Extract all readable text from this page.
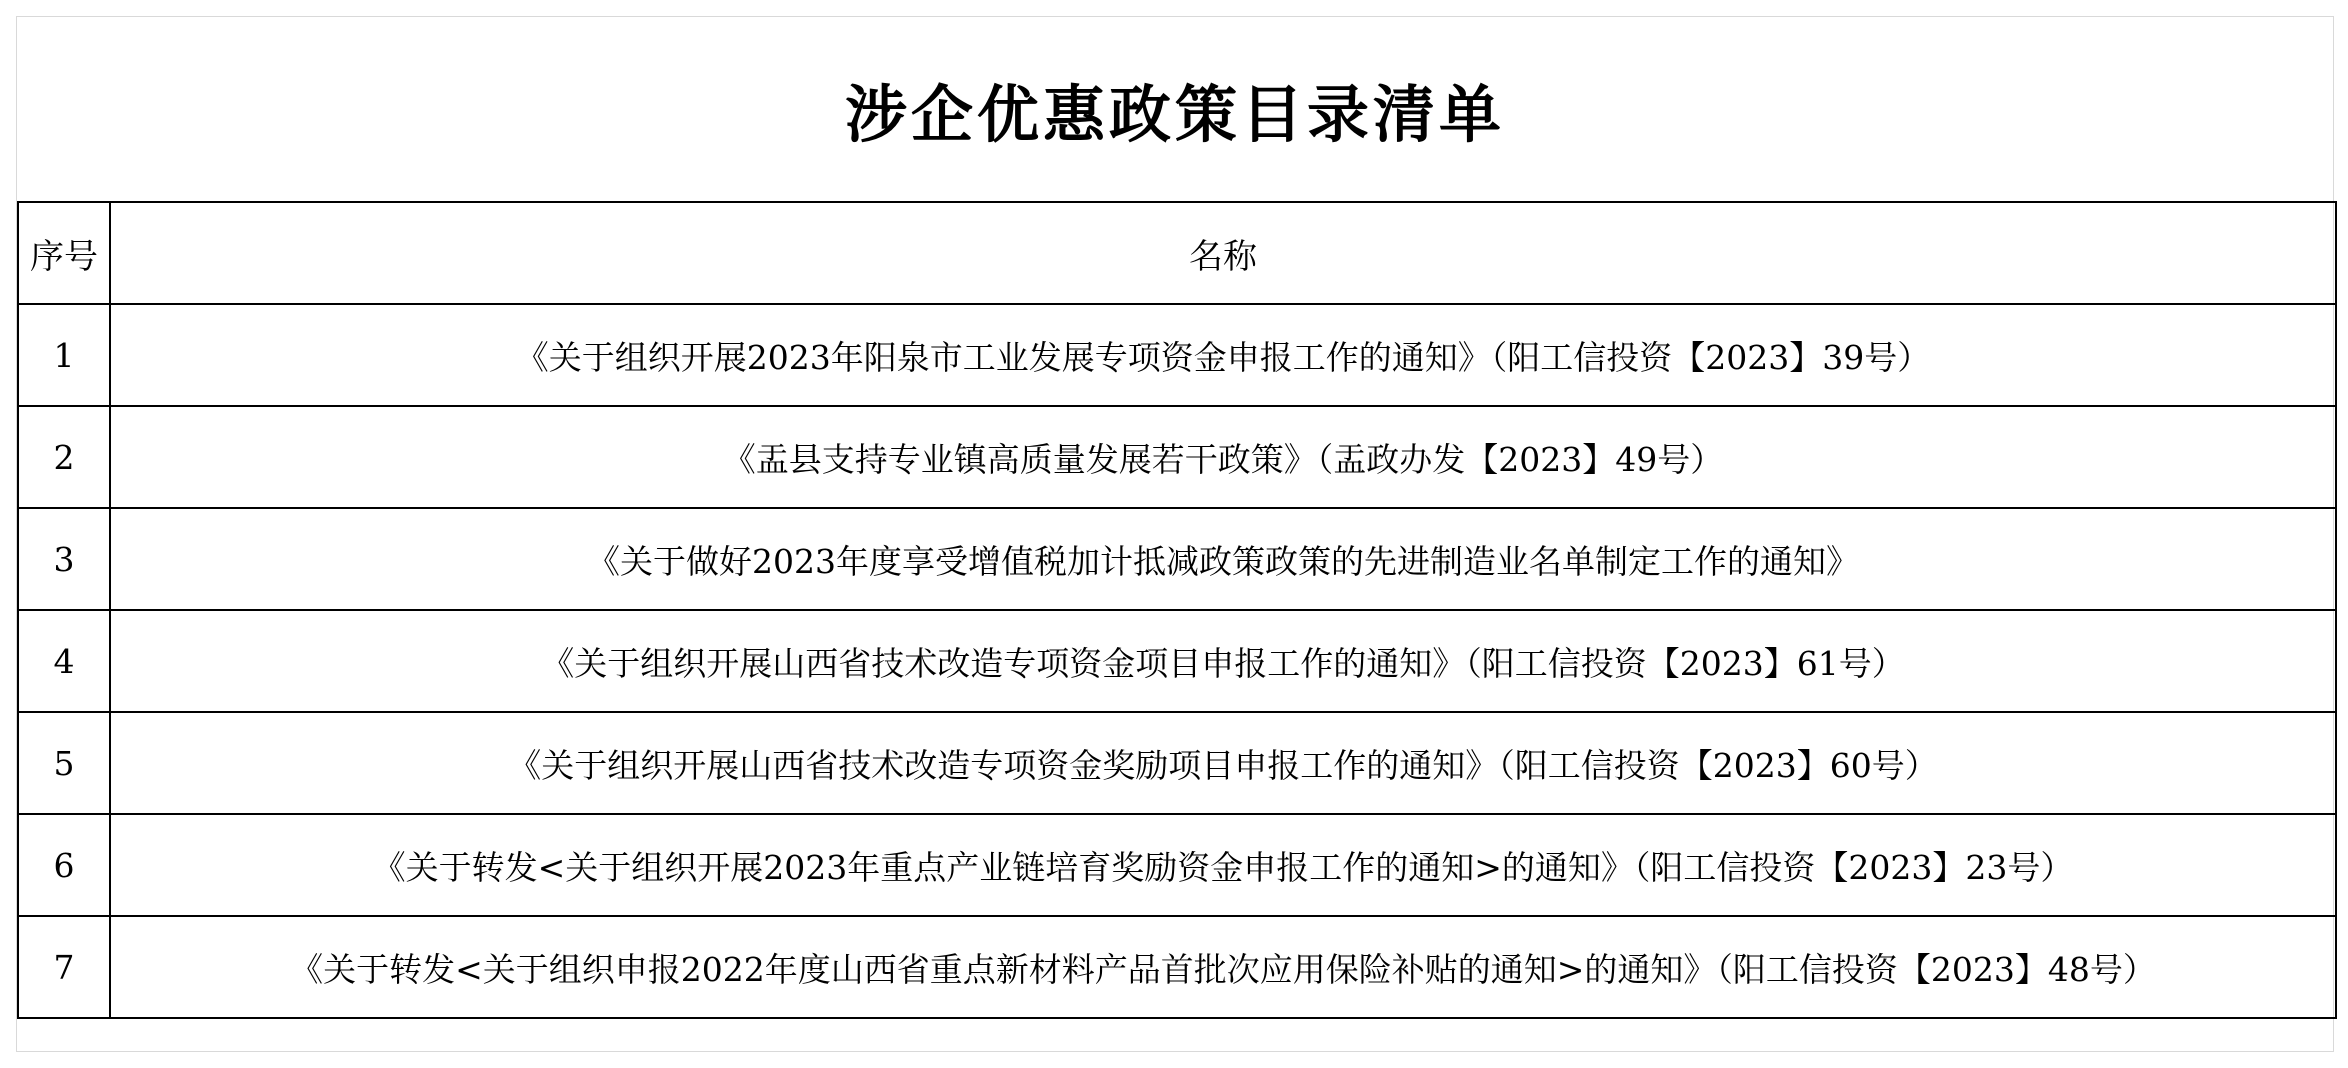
涉企优惠政策目录清单
序号	名称
1	《关于组织开展2023年阳泉市工业发展专项资金申报工作的通知》（阳工信投资【2023】39号）
2	《盂县支持专业镇高质量发展若干政策》（盂政办发【2023】49号）
3	《关于做好2023年度享受增值税加计抵减政策政策的先进制造业名单制定工作的通知》
4	《关于组织开展山西省技术改造专项资金项目申报工作的通知》（阳工信投资【2023】61号）
5	《关于组织开展山西省技术改造专项资金奖励项目申报工作的通知》（阳工信投资【2023】60号）
6	《关于转发<关于组织开展2023年重点产业链培育奖励资金申报工作的通知>的通知》（阳工信投资【2023】23号）
7	《关于转发<关于组织申报2022年度山西省重点新材料产品首批次应用保险补贴的通知>的通知》（阳工信投资【2023】48号）
